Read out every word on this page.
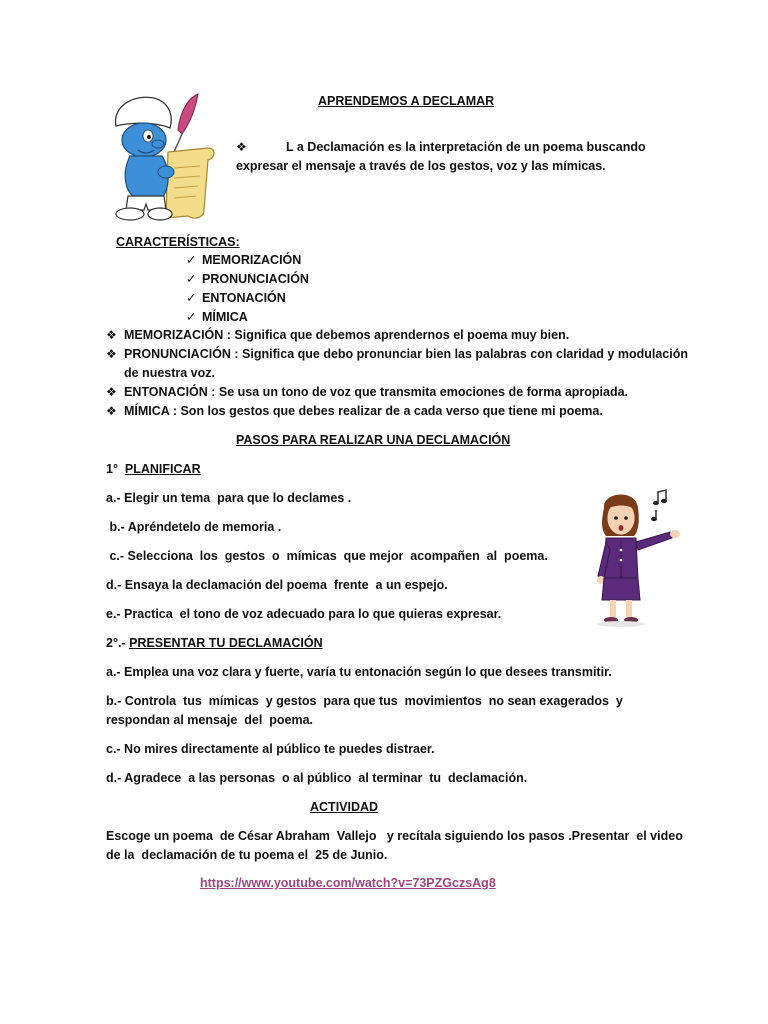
APRENDEMOS A DECLAMAR
❖	L a Declamación es la interpretación de un poema buscando
expresar el mensaje a través de los gestos, voz y las mímicas.
CARACTERÍSTICAS:
✓ MEMORIZACIÓN
✓ PRONUNCIACIÓN
✓ ENTONACIÓN
✓ MÍMICA
❖ MEMORIZACIÓN : Significa que debemos aprendernos el poema muy bien.
❖ PRONUNCIACIÓN : Significa que debo pronunciar bien las palabras con claridad y modulación
de nuestra voz.
❖ ENTONACIÓN : Se usa un tono de voz que transmita emociones de forma apropiada.
❖ MÍMICA : Son los gestos que debes realizar de a cada verso que tiene mi poema.
PASOS PARA REALIZAR UNA DECLAMACIÓN
1° PLANIFICAR
a.- Elegir un tema  para que lo declames .
b.- Apréndetelo de memoria .
c.- Selecciona  los  gestos  o  mímicas  que mejor  acompañen  al  poema.
d.- Ensaya la declamación del poema  frente  a un espejo.
e.- Practica  el tono de voz adecuado para lo que quieras expresar.
2°.- PRESENTAR TU DECLAMACIÓN
a.- Emplea una voz clara y fuerte, varía tu entonación según lo que desees transmitir.
b.- Controla  tus  mímicas  y gestos  para que tus  movimientos  no sean exagerados  y
respondan al mensaje  del  poema.
c.- No mires directamente al público te puedes distraer.
d.- Agradece  a las personas  o al público  al terminar  tu  declamación.
ACTIVIDAD
Escoge un poema  de César Abraham  Vallejo   y recítala siguiendo los pasos .Presentar  el video
de la  declamación de tu poema el  25 de Junio.
https://www.youtube.com/watch?v=73PZGczsAg8
